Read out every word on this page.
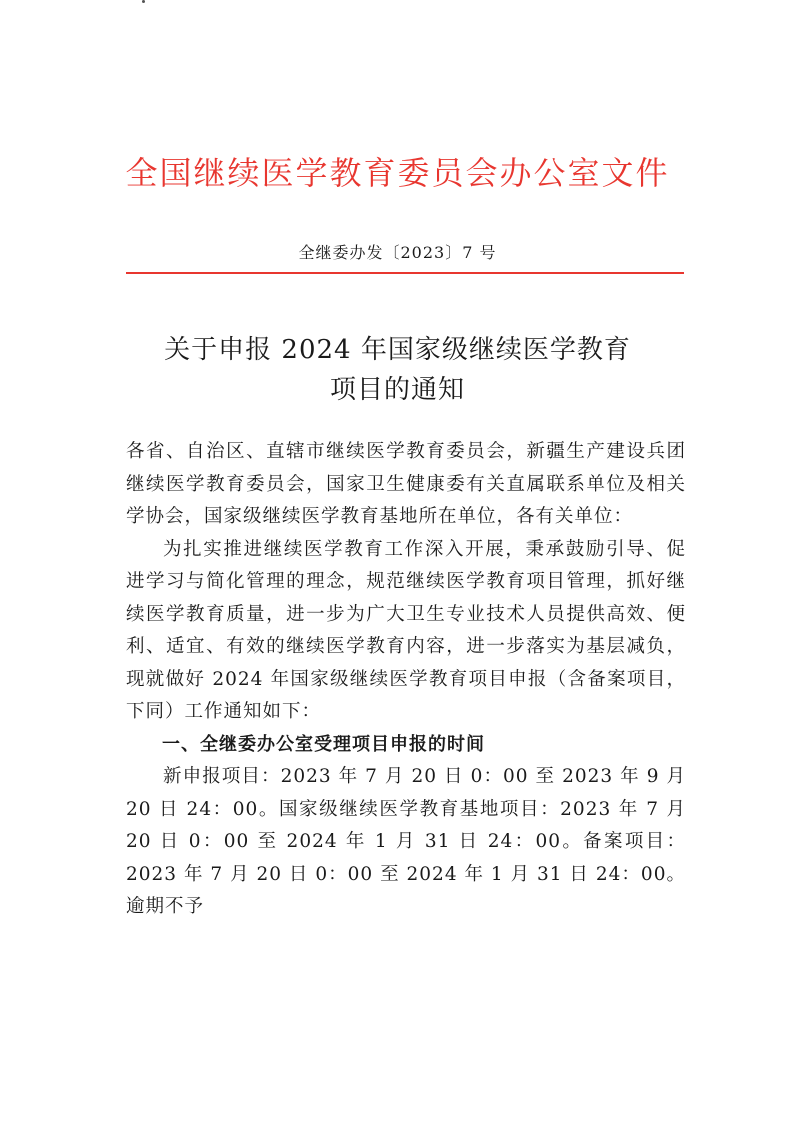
全国继续医学教育委员会办公室文件
全继委办发〔2023〕7 号
关于申报 2024 年国家级继续医学教育
项目的通知

各省、自治区、直辖市继续医学教育委员会，新疆生产建设兵团继续医学教育委员会，国家卫生健康委有关直属联系单位及相关学协会，国家级继续医学教育基地所在单位，各有关单位：

为扎实推进继续医学教育工作深入开展，秉承鼓励引导、促进学习与简化管理的理念，规范继续医学教育项目管理，抓好继续医学教育质量，进一步为广大卫生专业技术人员提供高效、便利、适宜、有效的继续医学教育内容，进一步落实为基层减负，现就做好 2024 年国家级继续医学教育项目申报（含备案项目，下同）工作通知如下：

一、全继委办公室受理项目申报的时间

新申报项目：2023 年 7 月 20 日 0：00 至 2023 年 9 月 20 日 24：00。国家级继续医学教育基地项目：2023 年 7 月 20 日 0：00 至 2024 年 1 月 31 日 24：00。备案项目：2023 年 7 月 20 日 0：00 至 2024 年 1 月 31 日 24：00。逾期不予
